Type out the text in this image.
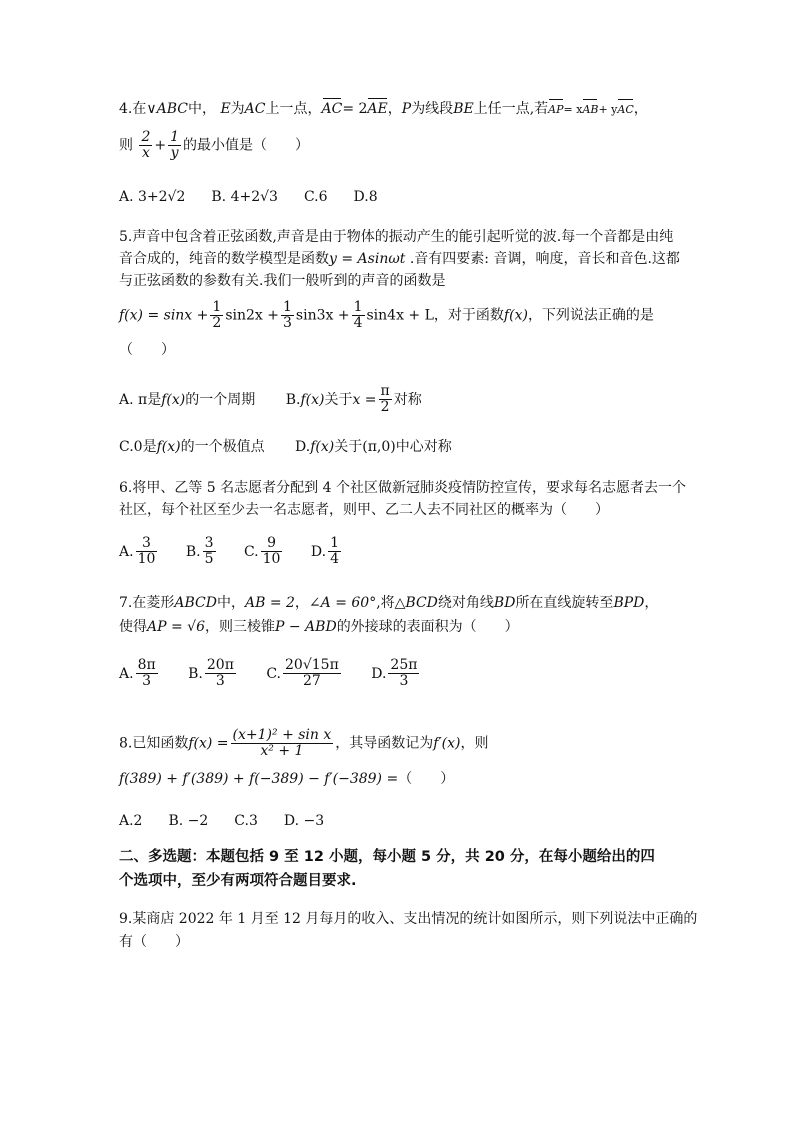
4.在∨ABC中， E为AC上一点，AC= 2AE，P为线段BE上任一点,若AP= xAB+ yAC，
则 $\frac{2}{x} + \frac{1}{y}$ 的最小值是（　　）
A. 3+2√2 B. 4+2√3 C.6 D.8
5.声音中包含着正弦函数,声音是由于物体的振动产生的能引起听觉的波.每一个音都是由纯
音合成的，纯音的数学模型是函数y = Asinωt .音有四要素: 音调，响度，音长和音色.这都
与正弦函数的参数有关.我们一般听到的声音的函数是
$f(x) = \sin x + \frac{1}{2} \sin 2x + \frac{1}{3} \sin 3x + \frac{1}{4} \sin 4x + L$，对于函数f(x)，下列说法正确的是
（　　）
A. π是f(x)的一个周期 B.f(x)关于$x = \frac{\pi}{2}$ 对称
C.0是f(x)的一个极值点 D.f(x)关于(π,0)中心对称
6.将甲、乙等 5 名志愿者分配到 4 个社区做新冠肺炎疫情防控宣传，要求每名志愿者去一个
社区，每个社区至少去一名志愿者，则甲、乙二人去不同社区的概率为（　　）
A. $\frac{3}{10} B$. $\frac{3}{5} C$. $\frac{9}{10} D$. $\frac{1}{4}$
7.在菱形ABCD中，AB = 2，∠A = 60°,将△BCD绕对角线BD所在直线旋转至BPD，
使得AP = √6，则三棱锥P − ABD的外接球的表面积为（　　）
A. $\frac{8\pi}{3} B$. $\frac{20\pi}{3} C$. $\frac{20√15\pi}{27} D$. $\frac{25\pi}{3}$
8.已知函数$f(x) = \frac{\text{(x+1)² + sin x}}{\text{x² + 1}}$ ，其导函数记为f′(x)，则
f(389) + f′(389) + f(−389) − f′(−389) =（　　）
A.2 B. −2 C.3 D. −3
二、多选题：本题包括 9 至 12 小题，每小题 5 分，共 20 分，在每小题给出的四
个选项中，至少有两项符合题目要求.
9.某商店 2022 年 1 月至 12 月每月的收入、支出情况的统计如图所示，则下列说法中正确的
有（　　）
